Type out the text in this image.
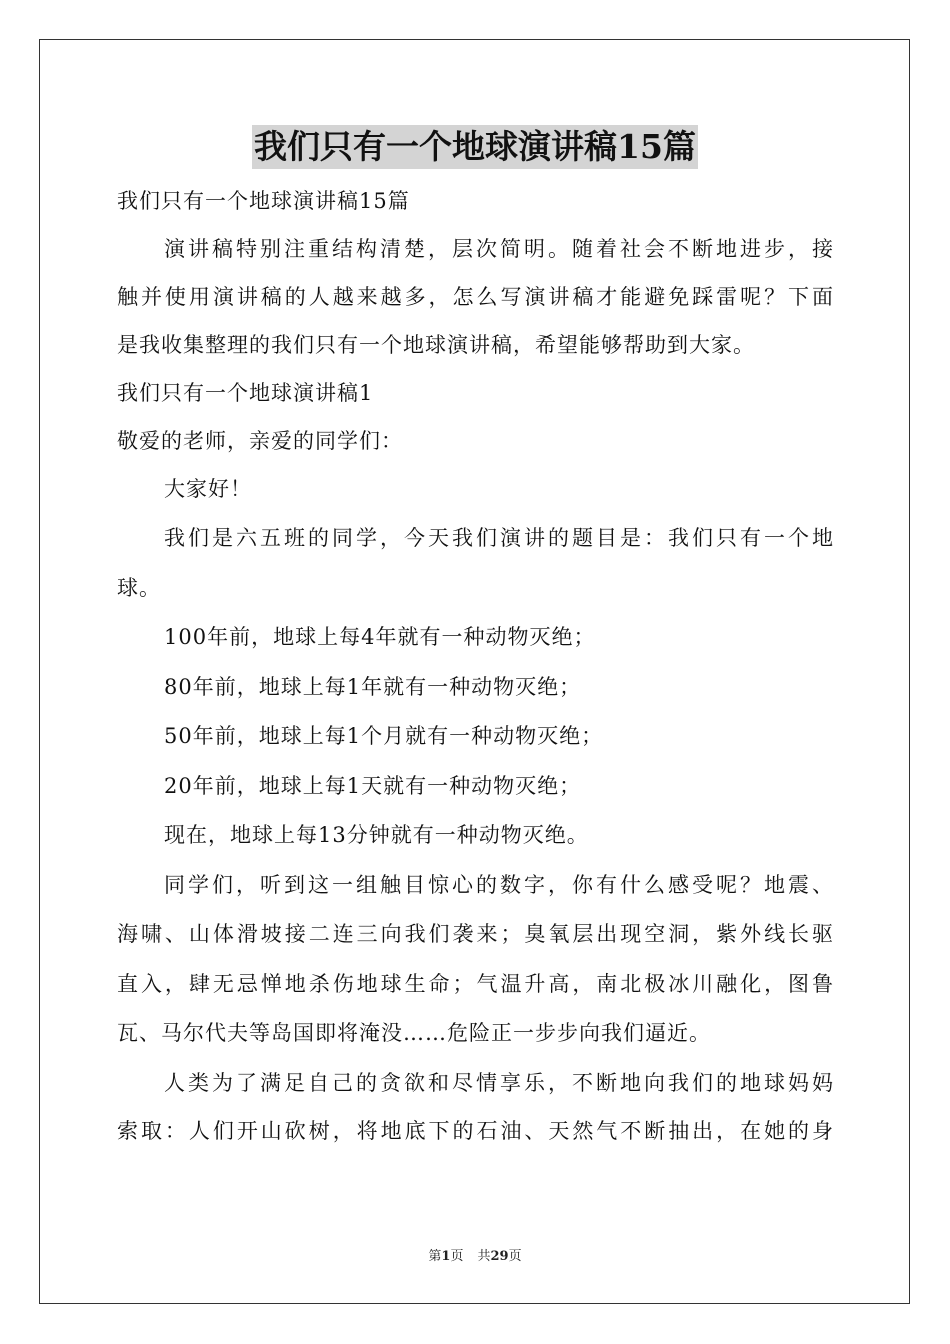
我们只有一个地球演讲稿15篇
我们只有一个地球演讲稿15篇
演讲稿特别注重结构清楚，层次简明。随着社会不断地进步，接
触并使用演讲稿的人越来越多，怎么写演讲稿才能避免踩雷呢？下面
是我收集整理的我们只有一个地球演讲稿，希望能够帮助到大家。
我们只有一个地球演讲稿1
敬爱的老师，亲爱的同学们：
大家好！
我们是六五班的同学，今天我们演讲的题目是：我们只有一个地
球。
100年前，地球上每4年就有一种动物灭绝；
80年前，地球上每1年就有一种动物灭绝；
50年前，地球上每1个月就有一种动物灭绝；
20年前，地球上每1天就有一种动物灭绝；
现在，地球上每13分钟就有一种动物灭绝。
同学们，听到这一组触目惊心的数字，你有什么感受呢？地震、
海啸、山体滑坡接二连三向我们袭来；臭氧层出现空洞，紫外线长驱
直入，肆无忌惮地杀伤地球生命；气温升高，南北极冰川融化，图鲁
瓦、马尔代夫等岛国即将淹没……危险正一步步向我们逼近。
人类为了满足自己的贪欲和尽情享乐，不断地向我们的地球妈妈
索取：人们开山砍树，将地底下的石油、天然气不断抽出，在她的身
第1页 共29页
